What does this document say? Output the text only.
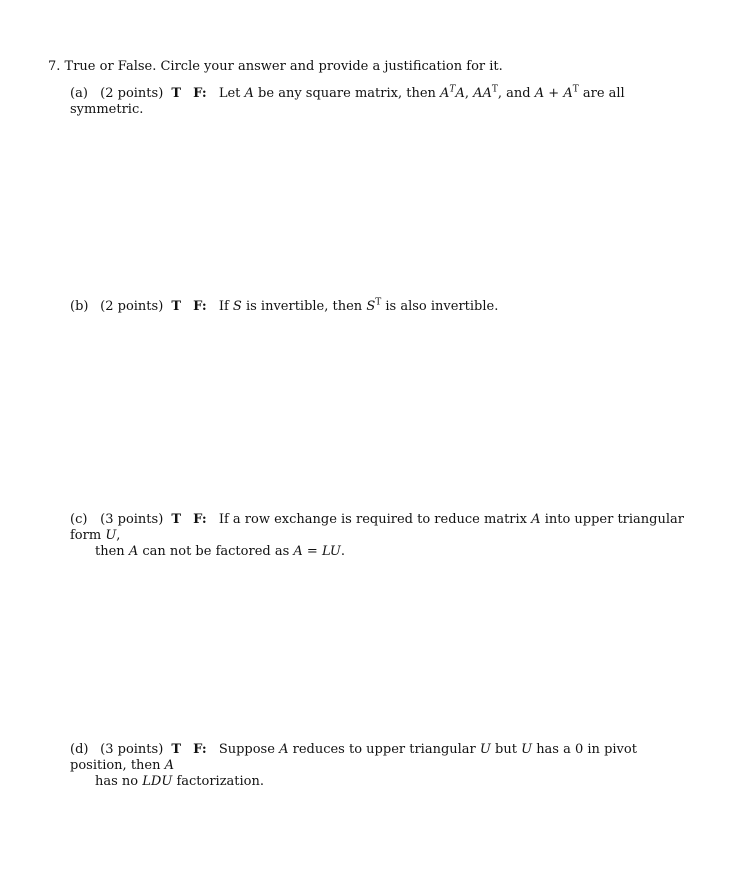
7. True or False. Circle your answer and provide a justification for it.
(a) (2 points) T F: Let A be any square matrix, then $A^TA$, $AA^T$, and $A + A^T$ are all symmetric.
(b) (2 points) T F: If S is invertible, then $S^T$ is also invertible.
(c) (3 points) T F: If a row exchange is required to reduce matrix A into upper triangular form U,
then A can not be factored as A = LU.
(d) (3 points) T F: Suppose A reduces to upper triangular U but U has a 0 in pivot position, then A
has no LDU factorization.
